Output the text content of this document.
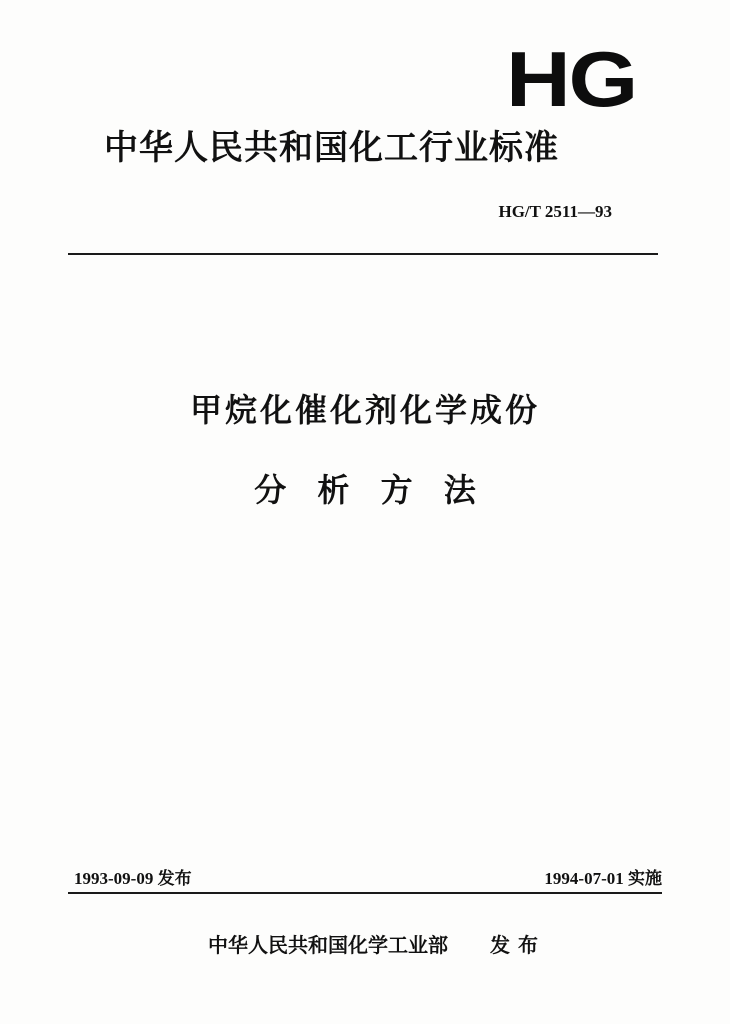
HG
中华人民共和国化工行业标准
HG/T 2511—93
甲烷化催化剂化学成份
分 析 方 法
1993-09-09 发布	1994-07-01 实施
中华人民共和国化学工业部 发布
